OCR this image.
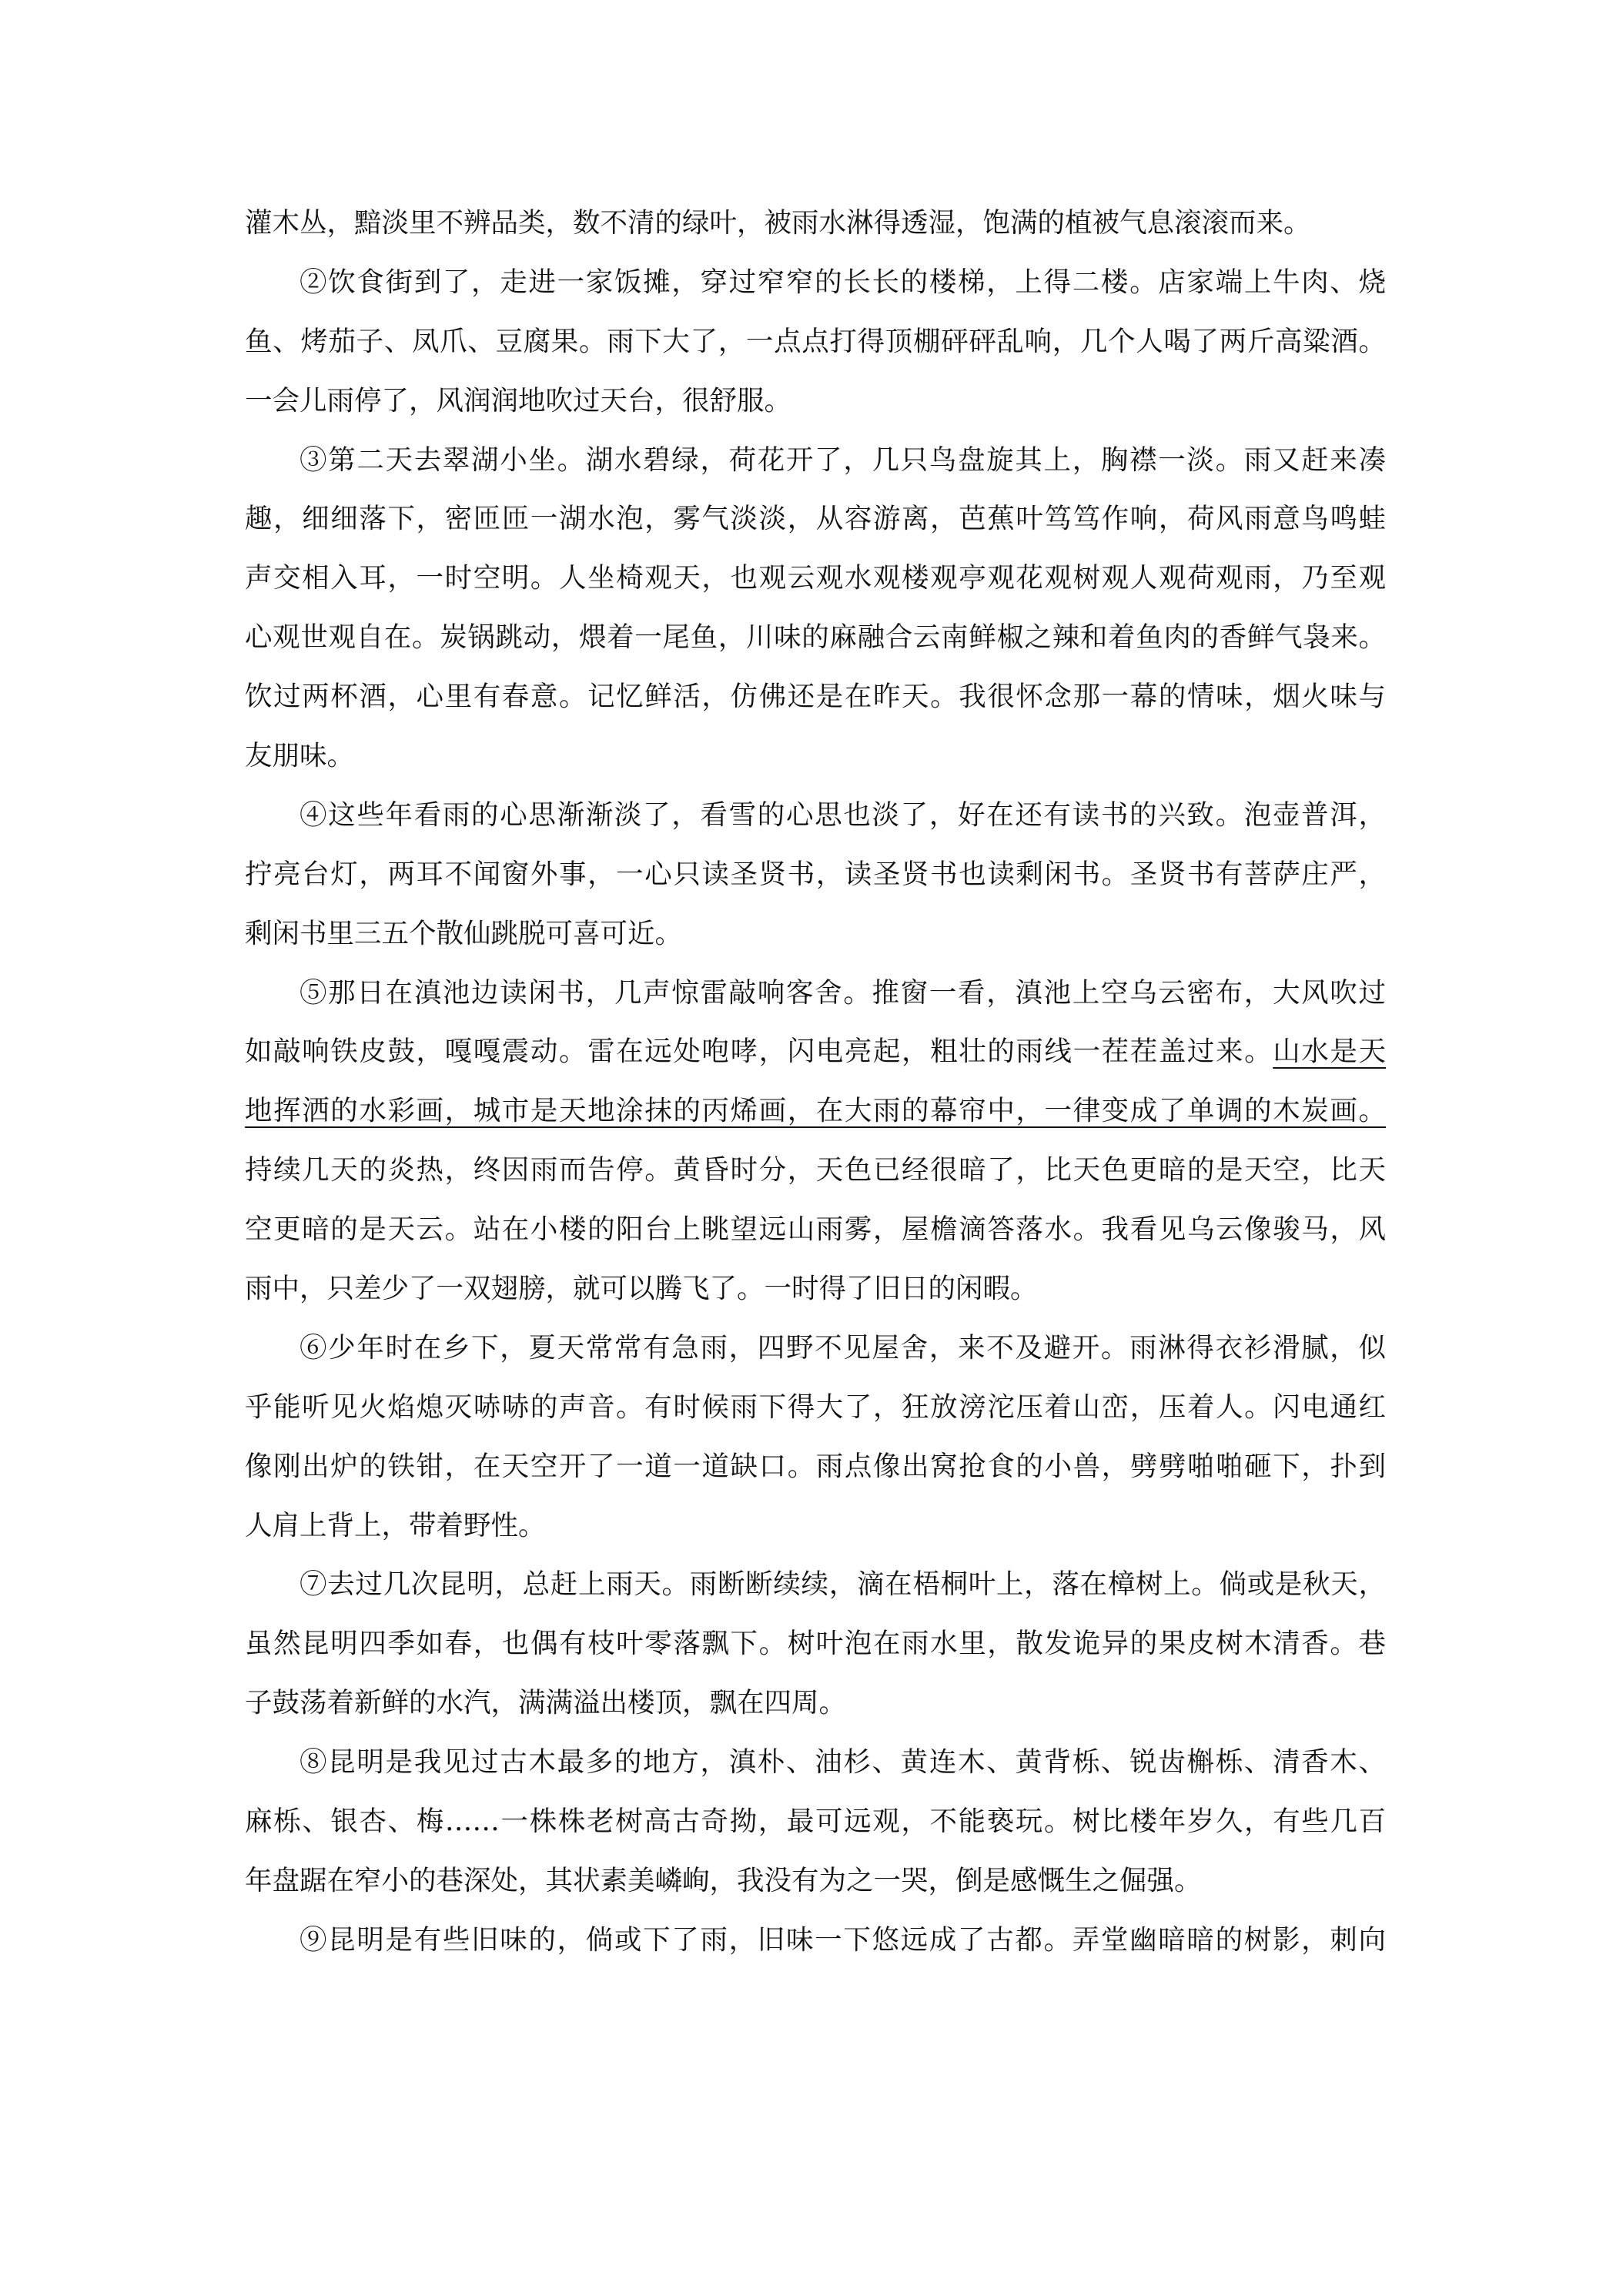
灌木丛，黯淡里不辨品类，数不清的绿叶，被雨水淋得透湿，饱满的植被气息滚滚而来。
②饮食街到了，走进一家饭摊，穿过窄窄的长长的楼梯，上得二楼。店家端上牛肉、烧
鱼、烤茄子、凤爪、豆腐果。雨下大了，一点点打得顶棚砰砰乱响，几个人喝了两斤高粱酒。
一会儿雨停了，风润润地吹过天台，很舒服。
③第二天去翠湖小坐。湖水碧绿，荷花开了，几只鸟盘旋其上，胸襟一淡。雨又赶来凑
趣，细细落下，密匝匝一湖水泡，雾气淡淡，从容游离，芭蕉叶笃笃作响，荷风雨意鸟鸣蛙
声交相入耳，一时空明。人坐椅观天，也观云观水观楼观亭观花观树观人观荷观雨，乃至观
心观世观自在。炭锅跳动，煨着一尾鱼，川味的麻融合云南鲜椒之辣和着鱼肉的香鲜气袅来。
饮过两杯酒，心里有春意。记忆鲜活，仿佛还是在昨天。我很怀念那一幕的情味，烟火味与
友朋味。
④这些年看雨的心思渐渐淡了，看雪的心思也淡了，好在还有读书的兴致。泡壶普洱，
拧亮台灯，两耳不闻窗外事，一心只读圣贤书，读圣贤书也读剩闲书。圣贤书有菩萨庄严，
剩闲书里三五个散仙跳脱可喜可近。
⑤那日在滇池边读闲书，几声惊雷敲响客舍。推窗一看，滇池上空乌云密布，大风吹过
如敲响铁皮鼓，嘎嘎震动。雷在远处咆哮，闪电亮起，粗壮的雨线一茬茬盖过来。山水是天
地挥洒的水彩画，城市是天地涂抹的丙烯画，在大雨的幕帘中，一律变成了单调的木炭画。
持续几天的炎热，终因雨而告停。黄昏时分，天色已经很暗了，比天色更暗的是天空，比天
空更暗的是天云。站在小楼的阳台上眺望远山雨雾，屋檐滴答落水。我看见乌云像骏马，风
雨中，只差少了一双翅膀，就可以腾飞了。一时得了旧日的闲暇。
⑥少年时在乡下，夏天常常有急雨，四野不见屋舍，来不及避开。雨淋得衣衫滑腻，似
乎能听见火焰熄灭哧哧的声音。有时候雨下得大了，狂放滂沱压着山峦，压着人。闪电通红
像刚出炉的铁钳，在天空开了一道一道缺口。雨点像出窝抢食的小兽，劈劈啪啪砸下，扑到
人肩上背上，带着野性。
⑦去过几次昆明，总赶上雨天。雨断断续续，滴在梧桐叶上，落在樟树上。倘或是秋天，
虽然昆明四季如春，也偶有枝叶零落飘下。树叶泡在雨水里，散发诡异的果皮树木清香。巷
子鼓荡着新鲜的水汽，满满溢出楼顶，飘在四周。
⑧昆明是我见过古木最多的地方，滇朴、油杉、黄连木、黄背栎、锐齿槲栎、清香木、
麻栎、银杏、梅……一株株老树高古奇拗，最可远观，不能亵玩。树比楼年岁久，有些几百
年盘踞在窄小的巷深处，其状素美嶙峋，我没有为之一哭，倒是感慨生之倔强。
⑨昆明是有些旧味的，倘或下了雨，旧味一下悠远成了古都。弄堂幽暗暗的树影，刺向
